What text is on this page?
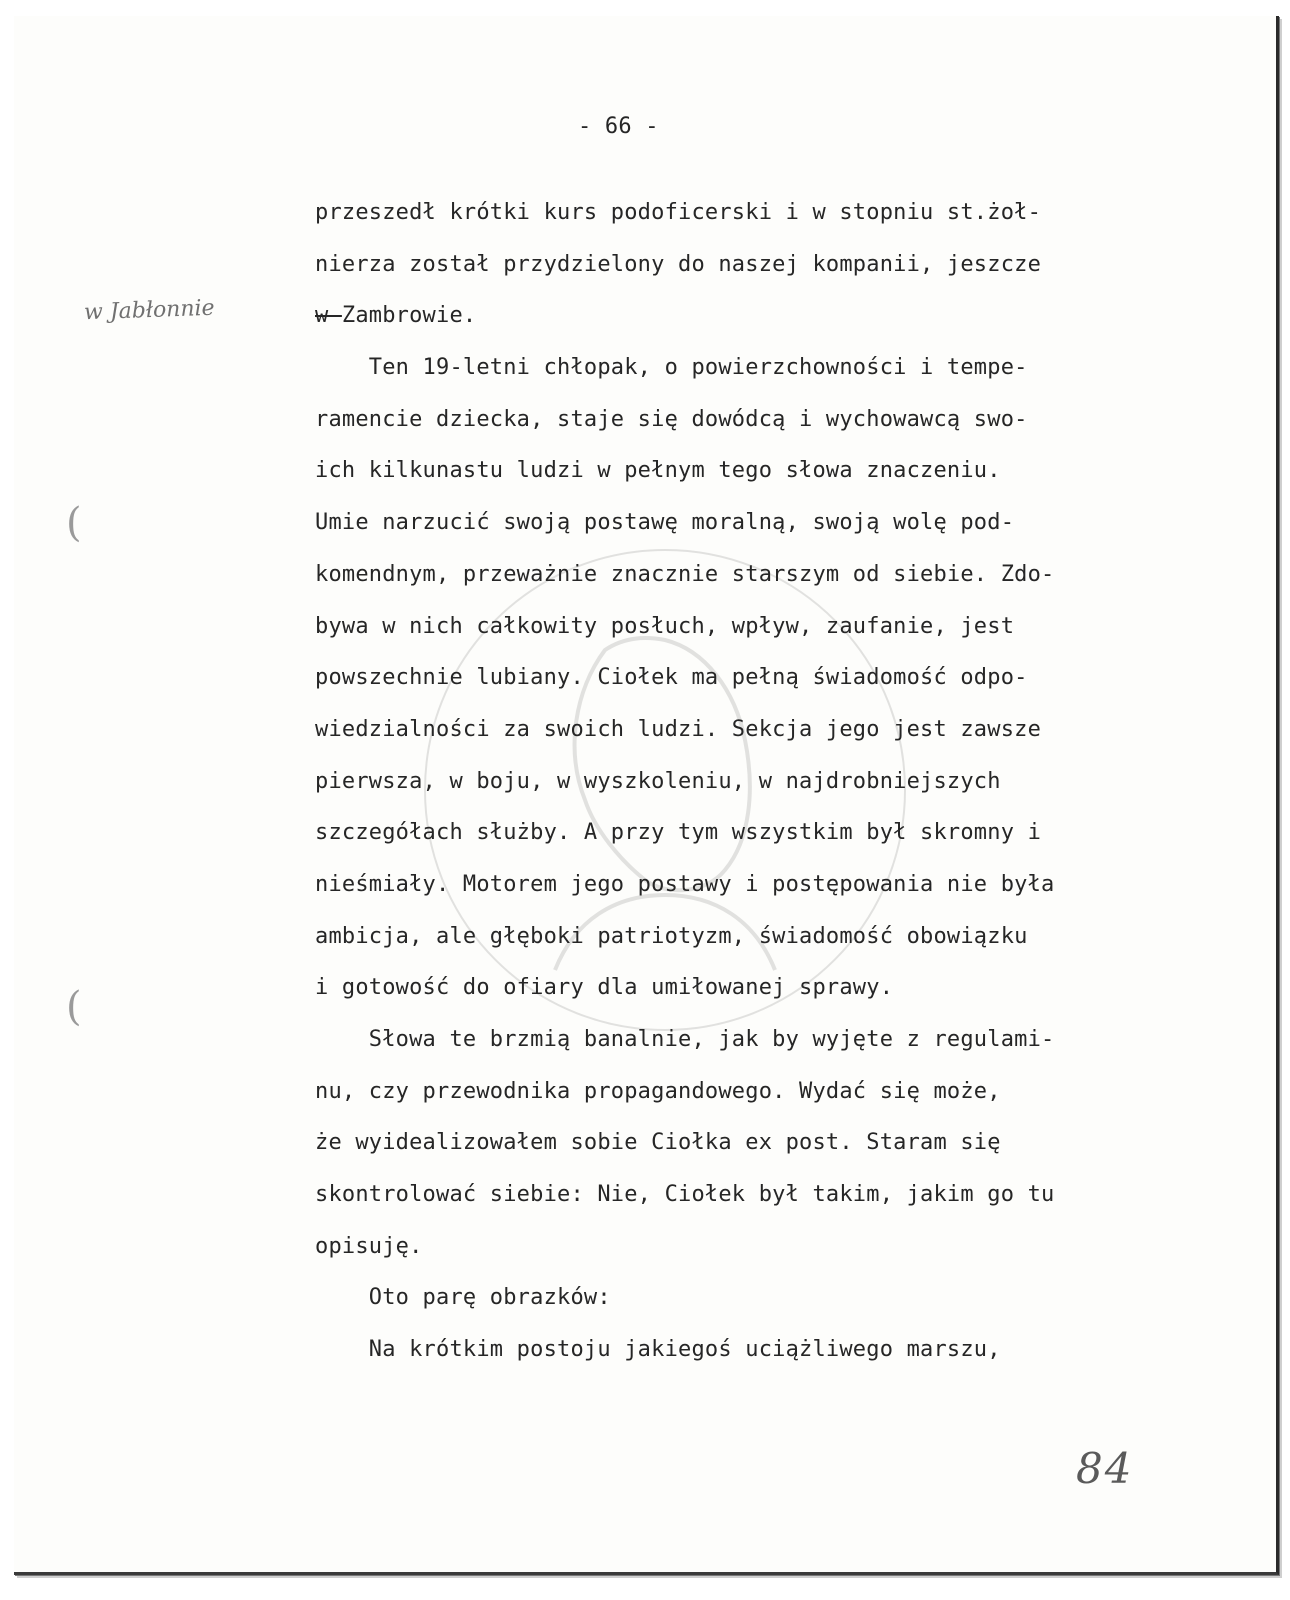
- 66 -
w Jabłonnie
(
(
przeszedł krótki kurs podoficerski i w stopniu st.żoł-
nierza został przydzielony do naszej kompanii, jeszcze
w Zambrowie.
Ten 19-letni chłopak, o powierzchowności i tempe-
ramencie dziecka, staje się dowódcą i wychowawcą swo-
ich kilkunastu ludzi w pełnym tego słowa znaczeniu.
Umie narzucić swoją postawę moralną, swoją wolę pod-
komendnym, przeważnie znacznie starszym od siebie. Zdo-
bywa w nich całkowity posłuch, wpływ, zaufanie, jest
powszechnie lubiany. Ciołek ma pełną świadomość odpo-
wiedzialności za swoich ludzi. Sekcja jego jest zawsze
pierwsza, w boju, w wyszkoleniu, w najdrobniejszych
szczegółach służby. A przy tym wszystkim był skromny i
nieśmiały. Motorem jego postawy i postępowania nie była
ambicja, ale głęboki patriotyzm, świadomość obowiązku
i gotowość do ofiary dla umiłowanej sprawy.
Słowa te brzmią banalnie, jak by wyjęte z regulami-
nu, czy przewodnika propagandowego. Wydać się może,
że wyidealizowałem sobie Ciołka ex post. Staram się
skontrolować siebie: Nie, Ciołek był takim, jakim go tu
opisuję.
Oto parę obrazków:
Na krótkim postoju jakiegoś uciążliwego marszu,
84
